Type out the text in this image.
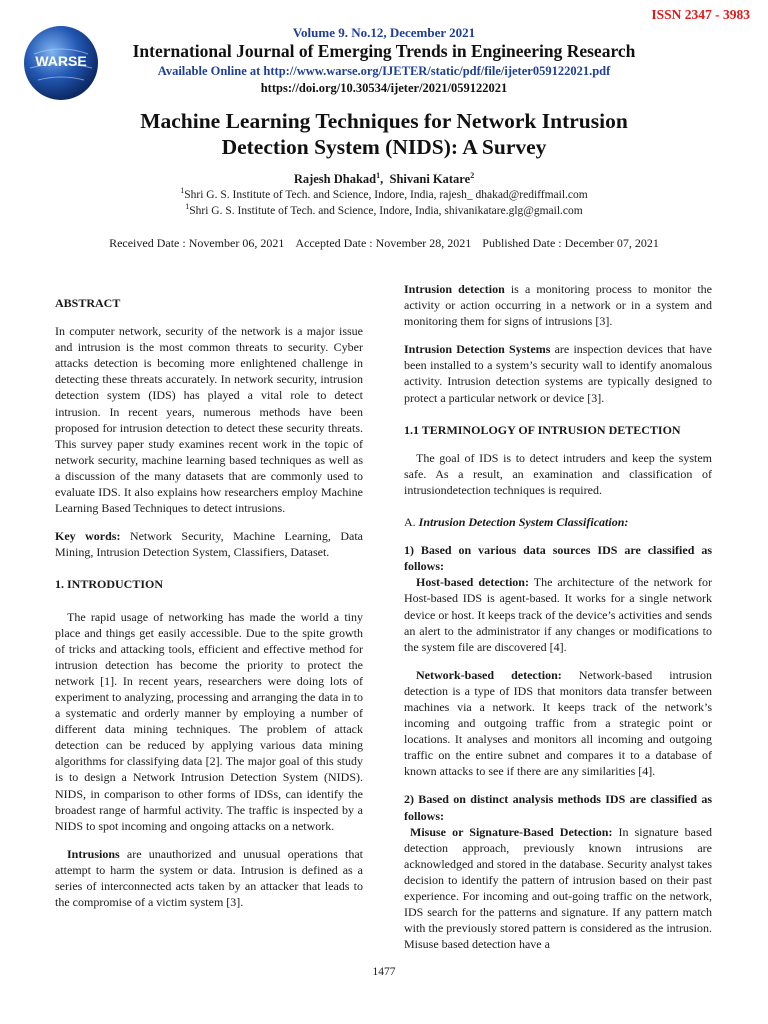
ISSN 2347 - 3983
WARSE
Volume 9. No.12, December 2021
International Journal of Emerging Trends in Engineering Research
Available Online at http://www.warse.org/IJETER/static/pdf/file/ijeter059122021.pdf
https://doi.org/10.30534/ijeter/2021/059122021
Machine Learning Techniques for Network Intrusion
Detection System (NIDS): A Survey
Rajesh Dhakad$^1$, Shivani Katare$^2$
$^1$Shri G. S. Institute of Tech. and Science, Indore, India, rajesh_ dhakad@rediffmail.com
$^1$Shri G. S. Institute of Tech. and Science, Indore, India, shivanikatare.glg@gmail.com
Received Date : November 06, 2021 Accepted Date : November 28, 2021 Published Date : December 07, 2021
ABSTRACT
In computer network, security of the network is a major issue and intrusion is the most common threats to security. Cyber attacks detection is becoming more enlightened challenge in detecting these threats accurately. In network security, intrusion detection system (IDS) has played a vital role to detect intrusion. In recent years, numerous methods have been proposed for intrusion detection to detect these security threats. This survey paper study examines recent work in the topic of network security, machine learning based techniques as well as a discussion of the many datasets that are commonly used to evaluate IDS. It also explains how researchers employ Machine Learning Based Techniques to detect intrusions.
Key words: Network Security, Machine Learning, Data Mining, Intrusion Detection System, Classifiers, Dataset.
1. INTRODUCTION
The rapid usage of networking has made the world a tiny place and things get easily accessible. Due to the spite growth of tricks and attacking tools, efficient and effective method for intrusion detection has become the priority to protect the network [1]. In recent years, researchers were doing lots of experiment to analyzing, processing and arranging the data in to a systematic and orderly manner by employing a number of different data mining techniques. The problem of attack detection can be reduced by applying various data mining algorithms for classifying data [2]. The major goal of this study is to design a Network Intrusion Detection System (NIDS). NIDS, in comparison to other forms of IDSs, can identify the broadest range of harmful activity. The traffic is inspected by a NIDS to spot incoming and ongoing attacks on a network.
Intrusions are unauthorized and unusual operations that attempt to harm the system or data. Intrusion is defined as a series of interconnected acts taken by an attacker that leads to the compromise of a victim system [3].
Intrusion detection is a monitoring process to monitor the activity or action occurring in a network or in a system and monitoring them for signs of intrusions [3].
Intrusion Detection Systems are inspection devices that have been installed to a system’s security wall to identify anomalous activity. Intrusion detection systems are typically designed to protect a particular network or device [3].
1.1 TERMINOLOGY OF INTRUSION DETECTION
The goal of IDS is to detect intruders and keep the system safe. As a result, an examination and classification of intrusiondetection techniques is required.
A. Intrusion Detection System Classification:
1) Based on various data sources IDS are classified as follows:
Host-based detection: The architecture of the network for Host-based IDS is agent-based. It works for a single network device or host. It keeps track of the device’s activities and sends an alert to the administrator if any changes or modifications to the system file are discovered [4].
Network-based detection: Network-based intrusion detection is a type of IDS that monitors data transfer between machines via a network. It keeps track of the network’s incoming and outgoing traffic from a strategic point or locations. It analyses and monitors all incoming and outgoing traffic on the entire subnet and compares it to a database of known attacks to see if there are any similarities [4].
2) Based on distinct analysis methods IDS are classified as follows:
Misuse or Signature-Based Detection: In signature based detection approach, previously known intrusions are acknowledged and stored in the database. Security analyst takes decision to identify the pattern of intrusion based on their past experience. For incoming and out-going traffic on the network, IDS search for the patterns and signature. If any pattern match with the previously stored pattern is considered as the intrusion. Misuse based detection have a
1477
